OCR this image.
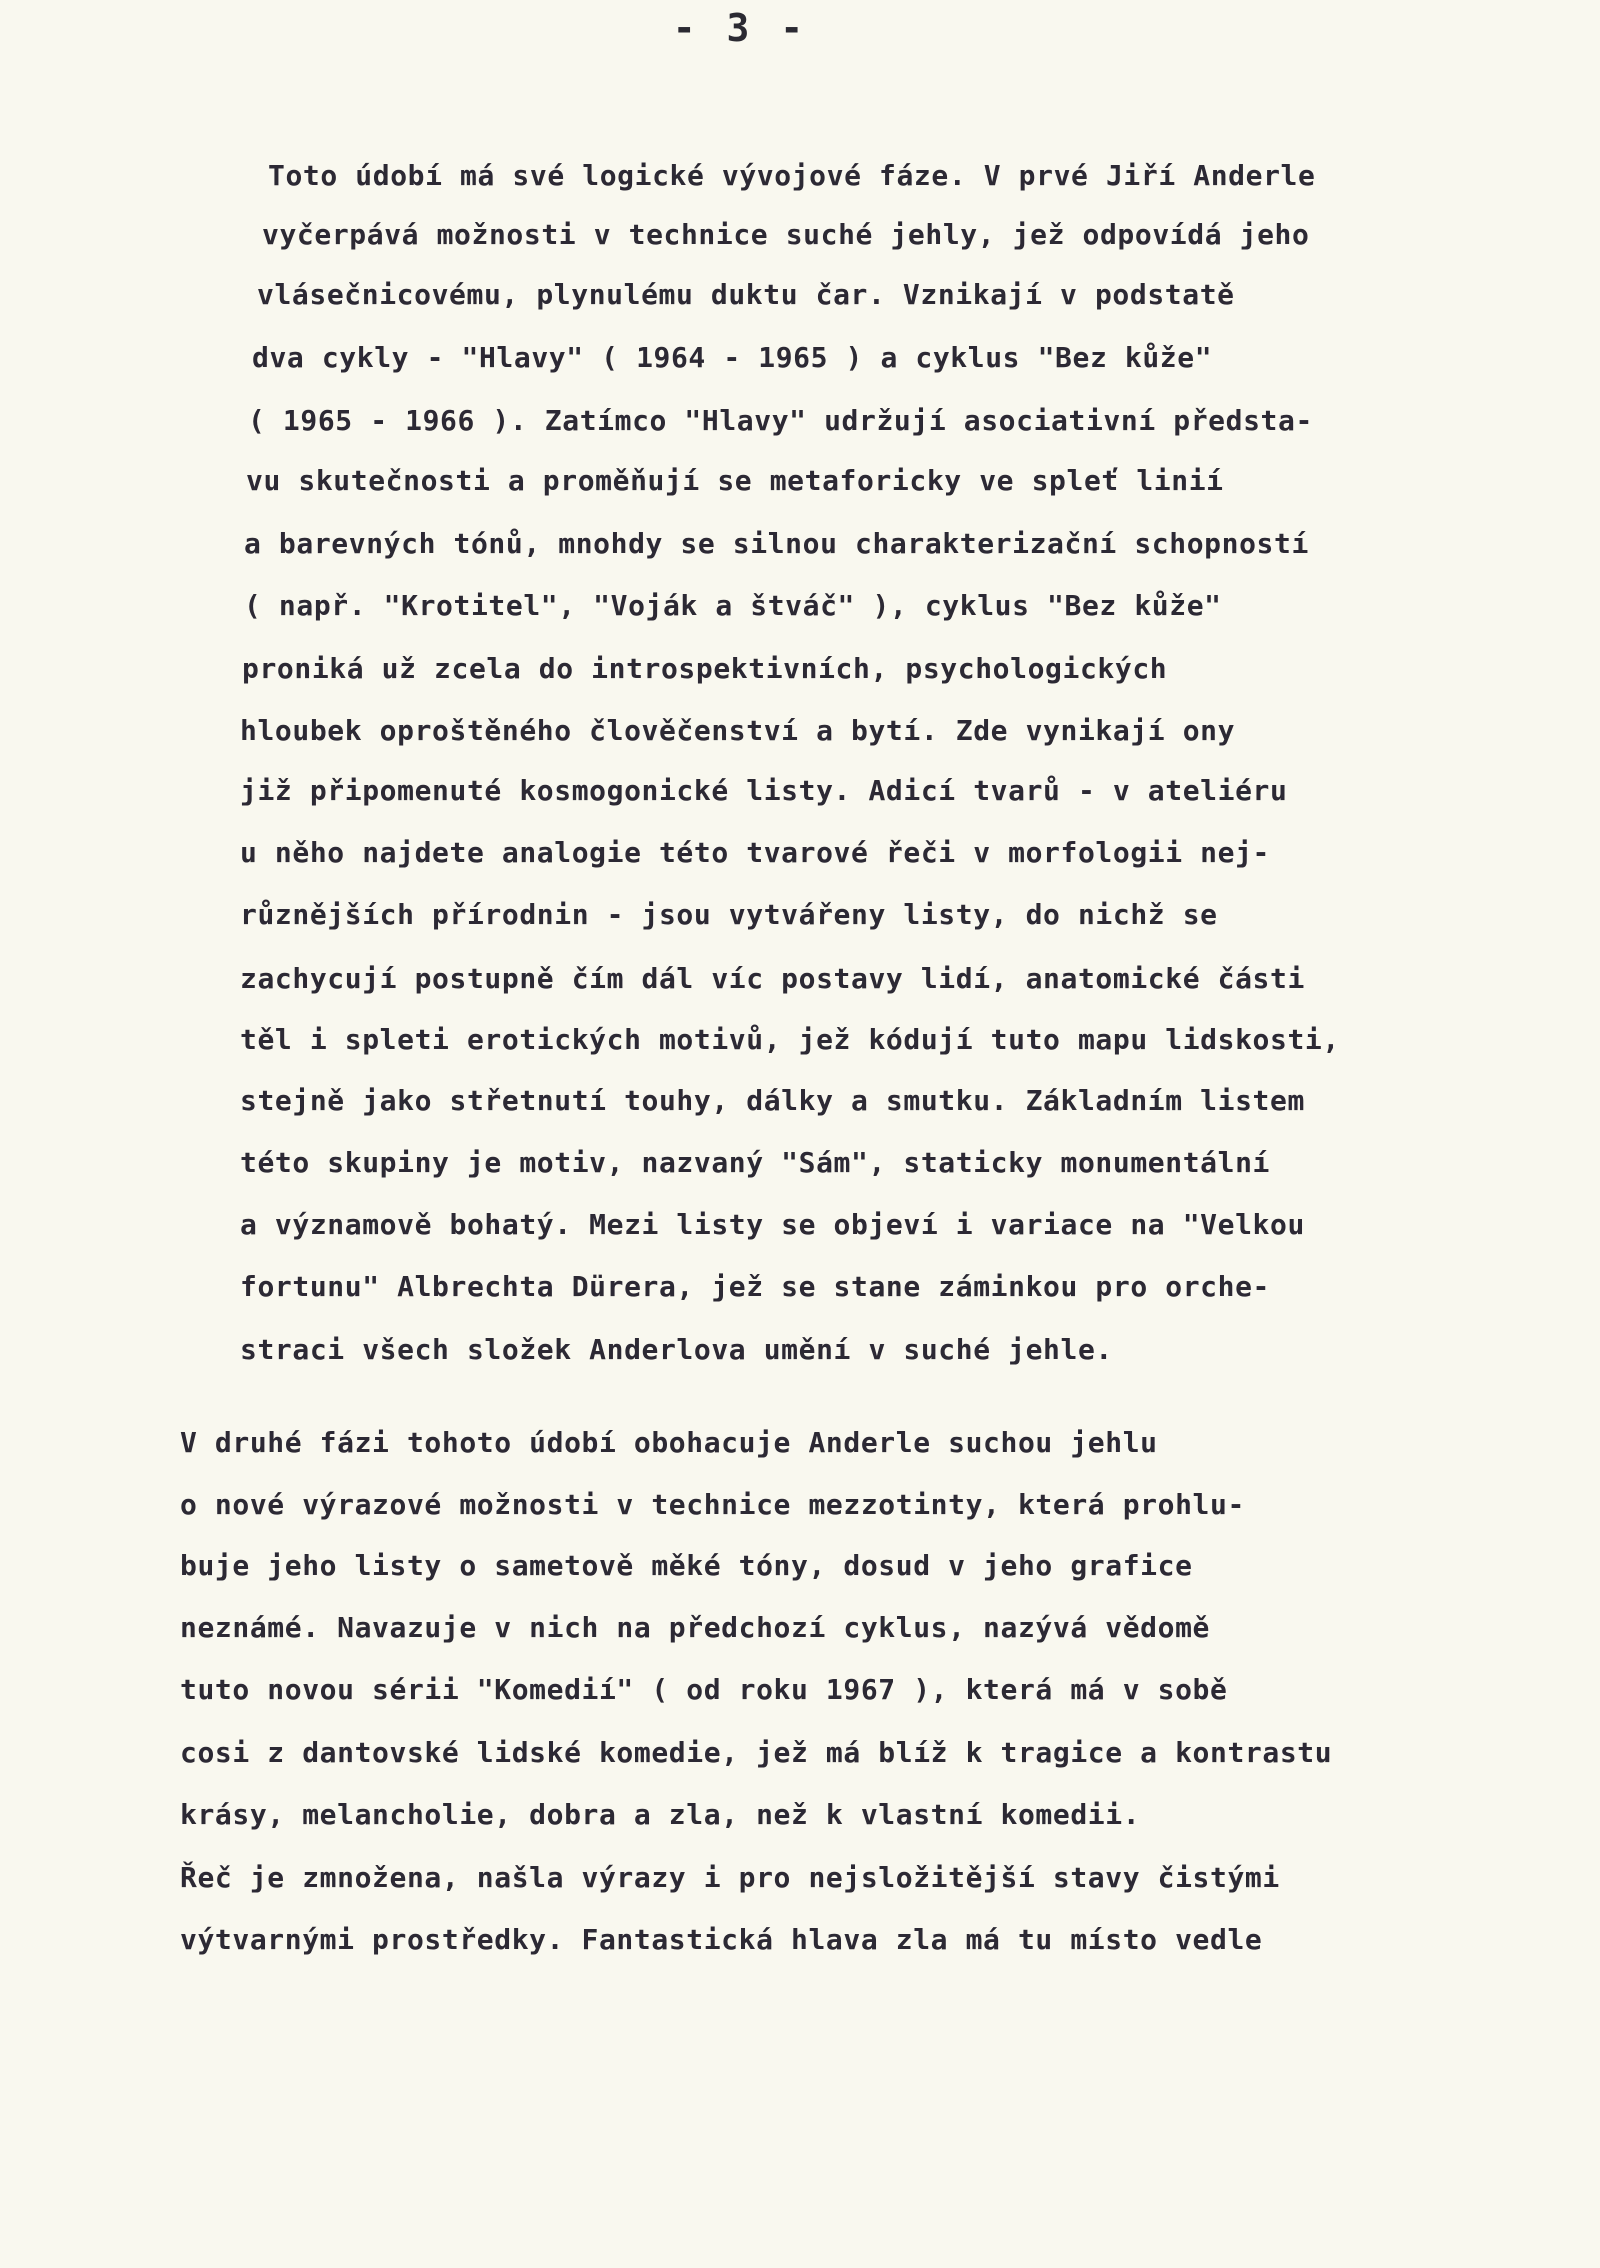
- 3 -
Toto údobí má své logické vývojové fáze. V prvé Jiří Anderle
vyčerpává možnosti v technice suché jehly, jež odpovídá jeho
vlásečnicovému, plynulému duktu čar. Vznikají v podstatě
dva cykly - "Hlavy" ( 1964 - 1965 ) a cyklus "Bez kůže"
( 1965 - 1966 ). Zatímco "Hlavy" udržují asociativní předsta-
vu skutečnosti a proměňují se metaforicky ve spleť linií
a barevných tónů, mnohdy se silnou charakterizační schopností
( např. "Krotitel", "Voják a štváč" ), cyklus "Bez kůže"
proniká už zcela do introspektivních, psychologických
hloubek oproštěného člověčenství a bytí. Zde vynikají ony
již připomenuté kosmogonické listy. Adicí tvarů - v ateliéru
u něho najdete analogie této tvarové řeči v morfologii nej-
různějších přírodnin - jsou vytvářeny listy, do nichž se
zachycují postupně čím dál víc postavy lidí, anatomické části
těl i spleti erotických motivů, jež kódují tuto mapu lidskosti,
stejně jako střetnutí touhy, dálky a smutku. Základním listem
této skupiny je motiv, nazvaný "Sám", staticky monumentální
a významově bohatý. Mezi listy se objeví i variace na "Velkou
fortunu" Albrechta Dürera, jež se stane záminkou pro orche-
straci všech složek Anderlova umění v suché jehle.
V druhé fázi tohoto údobí obohacuje Anderle suchou jehlu
o nové výrazové možnosti v technice mezzotinty, která prohlu-
buje jeho listy o sametově měké tóny, dosud v jeho grafice
neznámé. Navazuje v nich na předchozí cyklus, nazývá vědomě
tuto novou sérii "Komedií" ( od roku 1967 ), která má v sobě
cosi z dantovské lidské komedie, jež má blíž k tragice a kontrastu
krásy, melancholie, dobra a zla, než k vlastní komedii.
Řeč je zmnožena, našla výrazy i pro nejsložitější stavy čistými
výtvarnými prostředky. Fantastická hlava zla má tu místo vedle
